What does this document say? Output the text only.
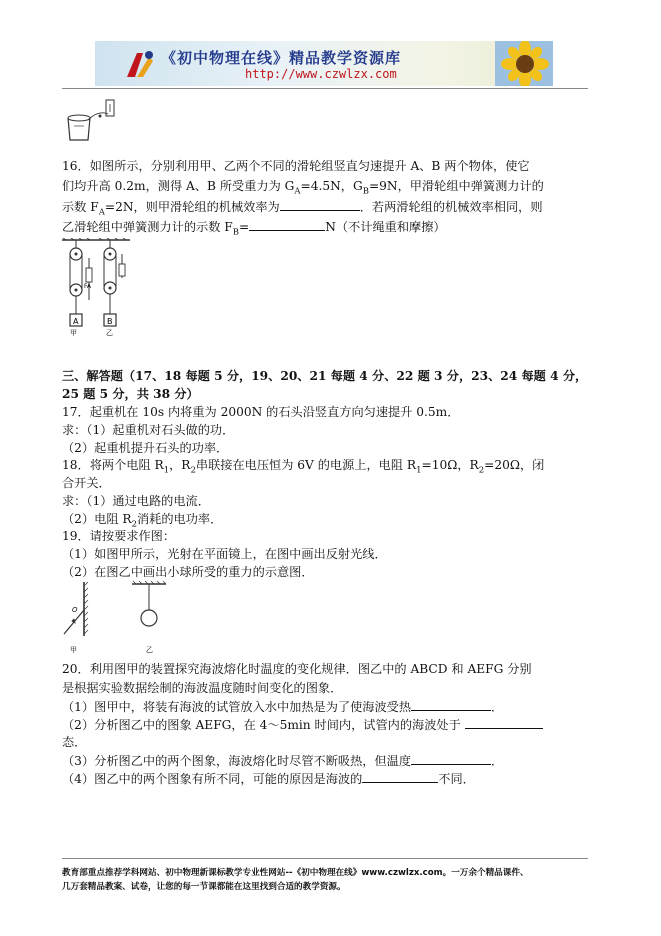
《初中物理在线》精品教学资源库
http://www.czwlzx.com
16．如图所示，分别利用甲、乙两个不同的滑轮组竖直匀速提升 A、B 两个物体，使它
们均升高 0.2m，测得 A、B 所受重力为 $G_A=4.5N$，$G_B=9N$，甲滑轮组中弹簧测力计的
示数 $F_A=2N$，则甲滑轮组的机械效率为	．若两滑轮组的机械效率相同，则
乙滑轮组中弹簧测力计的示数 $F_B=$	N（不计绳重和摩擦）
A
FA
甲
B
乙
三、解答题（17、18 每题 5 分，19、20、21 每题 4 分、22 题 3 分，23、24 每题 4 分，
25 题 5 分，共 38 分）
17．起重机在 10s 内将重为 2000N 的石头沿竖直方向匀速提升 0.5m．
求：（1）起重机对石头做的功．
（2）起重机提升石头的功率．
18．将两个电阻 $R_1$，$R_2$串联接在电压恒为 6V 的电源上，电阻 $R_1=10\Omega$，$R_2=20\Omega$，闭
合开关．
求：（1）通过电路的电流．
（2）电阻 $R_2$消耗的电功率．
19．请按要求作图：
（1）如图甲所示，光射在平面镜上，在图中画出反射光线．
（2）在图乙中画出小球所受的重力的示意图．
O
甲	乙
20．利用图甲的装置探究海波熔化时温度的变化规律．图乙中的 ABCD 和 AEFG 分别
是根据实验数据绘制的海波温度随时间变化的图象．
（1）图甲中，将装有海波的试管放入水中加热是为了使海波受热	．
（2）分析图乙中的图象 AEFG，在 4～5min 时间内，试管内的海波处于
态．
（3）分析图乙中的两个图象，海波熔化时尽管不断吸热，但温度	．
（4）图乙中的两个图象有所不同，可能的原因是海波的	不同．
教育部重点推荐学科网站、初中物理新课标教学专业性网站--《初中物理在线》www.czwlzx.com。一万余个精品课件、
几万套精品教案、试卷，让您的每一节课都能在这里找到合适的教学资源。
